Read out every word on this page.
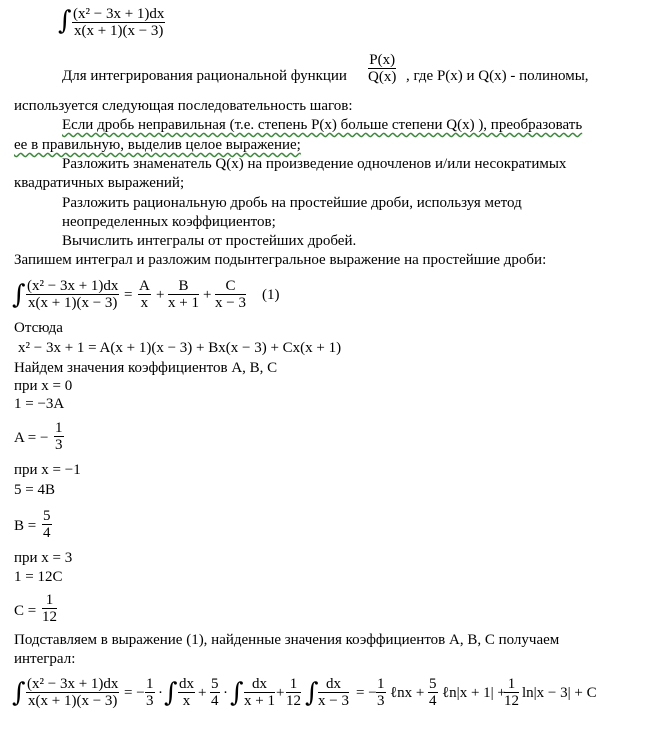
∫ $\frac{\text{(x² − 3x + 1)dx}}{x(x + 1)(x - 3)}$
Для интегрирования рациональной функции $\frac{P(x)}{Q(x)}$ , где P(x) и Q(x) - полиномы,
используется следующая последовательность шагов:
Если дробь неправильная (т.е. степень P(x) больше степени Q(x) ), преобразовать
ее в правильную, выделив целое выражение;
Разложить знаменатель Q(x) на произведение одночленов и/или несократимых
квадратичных выражений;
Разложить рациональную дробь на простейшие дроби, используя метод
неопределенных коэффициентов;
Вычислить интегралы от простейших дробей.
Запишем интеграл и разложим подынтегральное выражение на простейшие дроби:
∫ $\frac{\text{(x² − 3x + 1)dx}}{x(x + 1)(x - 3)} = \frac{A}{x} + \frac{B}{x + 1} + \frac{C}{x - 3} (1)$
Отсюда
x² − 3x + 1 = A(x + 1)(x − 3) + Bx(x − 3) + Cx(x + 1)
Найдем значения коэффициентов A, B, C
при x = 0
1 = −3A
A = − $\frac{1}{3}$
при x = −1
5 = 4B
$B = \frac{5}{4}$
при x = 3
1 = 12C
$C = \frac{1}{12}$
Подставляем в выражение (1), найденные значения коэффициентов A, B, C получаем
интеграл:
∫ $\frac{\text{(x² − 3x + 1)dx}}{x(x + 1)(x - 3)}$ = − $\frac{1}{3}$ · ∫ $\frac{dx}{x} + \frac{5}{4}$ · ∫ $\frac{dx}{x + 1} + \frac{1}{12}$ ∫ $\frac{dx}{x - 3}$ = − $\frac{1}{3}$ ℓnx + $\frac{5}{4}$ ℓn|x + 1| +
$\frac{1}{12} \ln|x - 3| + C$
